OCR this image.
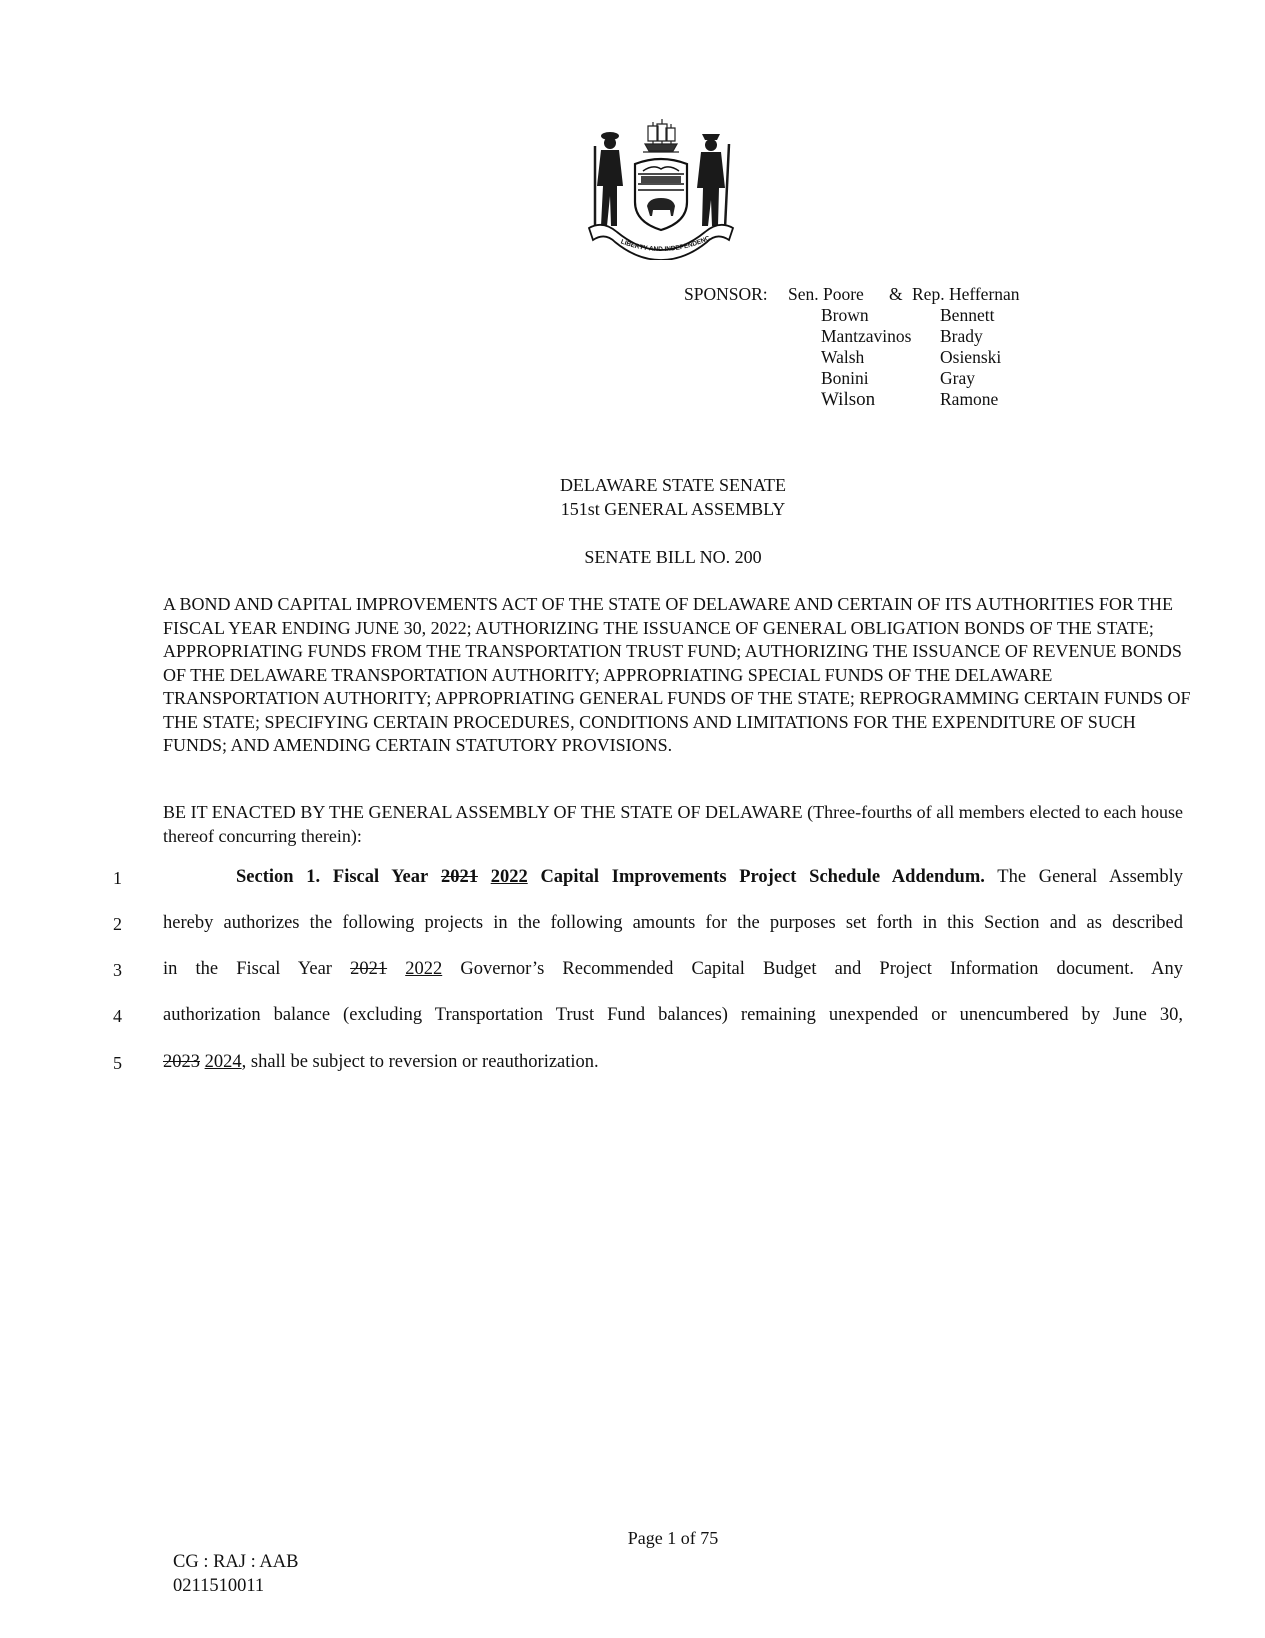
LIBERTY AND INDEPENDENC
SPONSOR: Sen. Poore & Rep. Heffernan
Brown
Mantzavinos
Walsh
Bonini
Wilson
Bennett
Brady
Osienski
Gray
Ramone
DELAWARE STATE SENATE
151st GENERAL ASSEMBLY
SENATE BILL NO. 200
A BOND AND CAPITAL IMPROVEMENTS ACT OF THE STATE OF DELAWARE AND CERTAIN OF ITS AUTHORITIES FOR THE FISCAL YEAR ENDING JUNE 30, 2022; AUTHORIZING THE ISSUANCE OF GENERAL OBLIGATION BONDS OF THE STATE; APPROPRIATING FUNDS FROM THE TRANSPORTATION TRUST FUND; AUTHORIZING THE ISSUANCE OF REVENUE BONDS OF THE DELAWARE TRANSPORTATION AUTHORITY; APPROPRIATING SPECIAL FUNDS OF THE DELAWARE TRANSPORTATION AUTHORITY; APPROPRIATING GENERAL FUNDS OF THE STATE; REPROGRAMMING CERTAIN FUNDS OF THE STATE; SPECIFYING CERTAIN PROCEDURES, CONDITIONS AND LIMITATIONS FOR THE EXPENDITURE OF SUCH FUNDS; AND AMENDING CERTAIN STATUTORY PROVISIONS.
BE IT ENACTED BY THE GENERAL ASSEMBLY OF THE STATE OF DELAWARE (Three-fourths of all members elected to each house thereof concurring therein):
1
2
3
4
5
Section 1. Fiscal Year 2021 2022 Capital Improvements Project Schedule Addendum. The General Assembly
hereby authorizes the following projects in the following amounts for the purposes set forth in this Section and as described
in the Fiscal Year 2021 2022 Governor’s Recommended Capital Budget and Project Information document. Any
authorization balance (excluding Transportation Trust Fund balances) remaining unexpended or unencumbered by June 30,
2023 2024, shall be subject to reversion or reauthorization.
Page 1 of 75
CG : RAJ : AAB
0211510011
